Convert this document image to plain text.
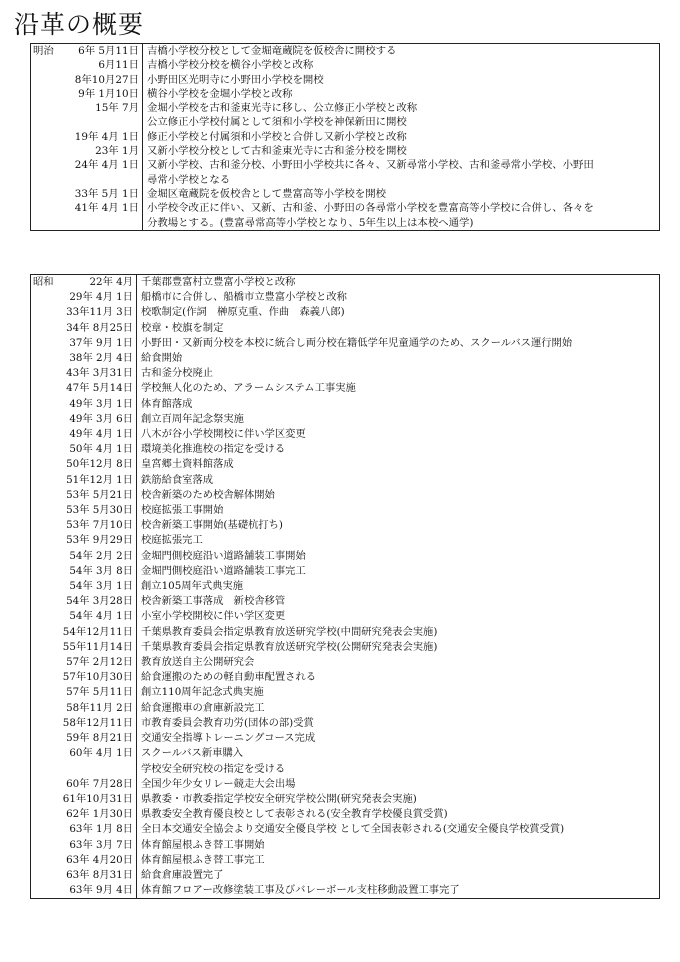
沿革の概要
明治 6年 5月11日	吉橋小学校分校として金堀竜蔵院を仮校舎に開校する

6月11日	吉橋小学校分校を横谷小学校と改称

8年10月27日	小野田区光明寺に小野田小学校を開校

9年 1月10日	横谷小学校を金堀小学校と改称

15年 7月	金堀小学校を古和釜東光寺に移し、公立修正小学校と改称

	公立修正小学校付属として須和小学校を神保新田に開校

19年 4月 1日	修正小学校と付属須和小学校と合併し又新小学校と改称

23年 1月	又新小学校分校として古和釜東光寺に古和釜分校を開校

24年 4月 1日	又新小学校、古和釜分校、小野田小学校共に各々、又新尋常小学校、古和釜尋常小学校、小野田

	尋常小学校となる

33年 5月 1日	金堀区竜蔵院を仮校舎として豊富高等小学校を開校

41年 4月 1日	小学校令改正に伴い、又新、古和釜、小野田の各尋常小学校を豊富高等小学校に合併し、各々を

	分教場とする。(豊富尋常高等小学校となり、5年生以上は本校へ通学)
昭和 22年 4月	千葉郡豊富村立豊富小学校と改称

29年 4月 1日	船橋市に合併し、船橋市立豊富小学校と改称

33年11月 3日	校歌制定(作詞　榊原克重、作曲　森義八郎)

34年 8月25日	校章・校旗を制定

37年 9月 1日	小野田・又新両分校を本校に統合し両分校在籍低学年児童通学のため、スクールバス運行開始

38年 2月 4日	給食開始

43年 3月31日	古和釜分校廃止

47年 5月14日	学校無人化のため、アラームシステム工事実施

49年 3月 1日	体育館落成

49年 3月 6日	創立百周年記念祭実施

49年 4月 1日	八木が谷小学校開校に伴い学区変更

50年 4月 1日	環境美化推進校の指定を受ける

50年12月 8日	皇宮郷土資料館落成

51年12月 1日	鉄筋給食室落成

53年 5月21日	校舎新築のため校舎解体開始

53年 5月30日	校庭拡張工事開始

53年 7月10日	校舎新築工事開始(基礎杭打ち)

53年 9月29日	校庭拡張完工

54年 2月 2日	金堀門側校庭沿い道路舗装工事開始

54年 3月 8日	金堀門側校庭沿い道路舗装工事完工

54年 3月 1日	創立105周年式典実施

54年 3月28日	校舎新築工事落成　新校舎移管

54年 4月 1日	小室小学校開校に伴い学区変更

54年12月11日	千葉県教育委員会指定県教育放送研究学校(中間研究発表会実施)

55年11月14日	千葉県教育委員会指定県教育放送研究学校(公開研究発表会実施)

57年 2月12日	教育放送自主公開研究会

57年10月30日	給食運搬のための軽自動車配置される

57年 5月11日	創立110周年記念式典実施

58年11月 2日	給食運搬車の倉庫新設完工

58年12月11日	市教育委員会教育功労(団体の部)受賞

59年 8月21日	交通安全指導トレーニングコース完成

60年 4月 1日	スクールバス新車購入

	学校安全研究校の指定を受ける

60年 7月28日	全国少年少女リレー競走大会出場

61年10月31日	県教委・市教委指定学校安全研究学校公開(研究発表会実施)

62年 1月30日	県教委安全教育優良校として表彰される(安全教育学校優良賞受賞)

63年 1月 8日	全日本交通安全協会より交通安全優良学校 として全国表彰される(交通安全優良学校賞受賞)

63年 3月 7日	体育館屋根ふき替工事開始

63年 4月20日	体育館屋根ふき替工事完工

63年 8月31日	給食倉庫設置完了

63年 9月 4日	体育館フロアー改修塗装工事及びバレーボール支柱移動設置工事完了
